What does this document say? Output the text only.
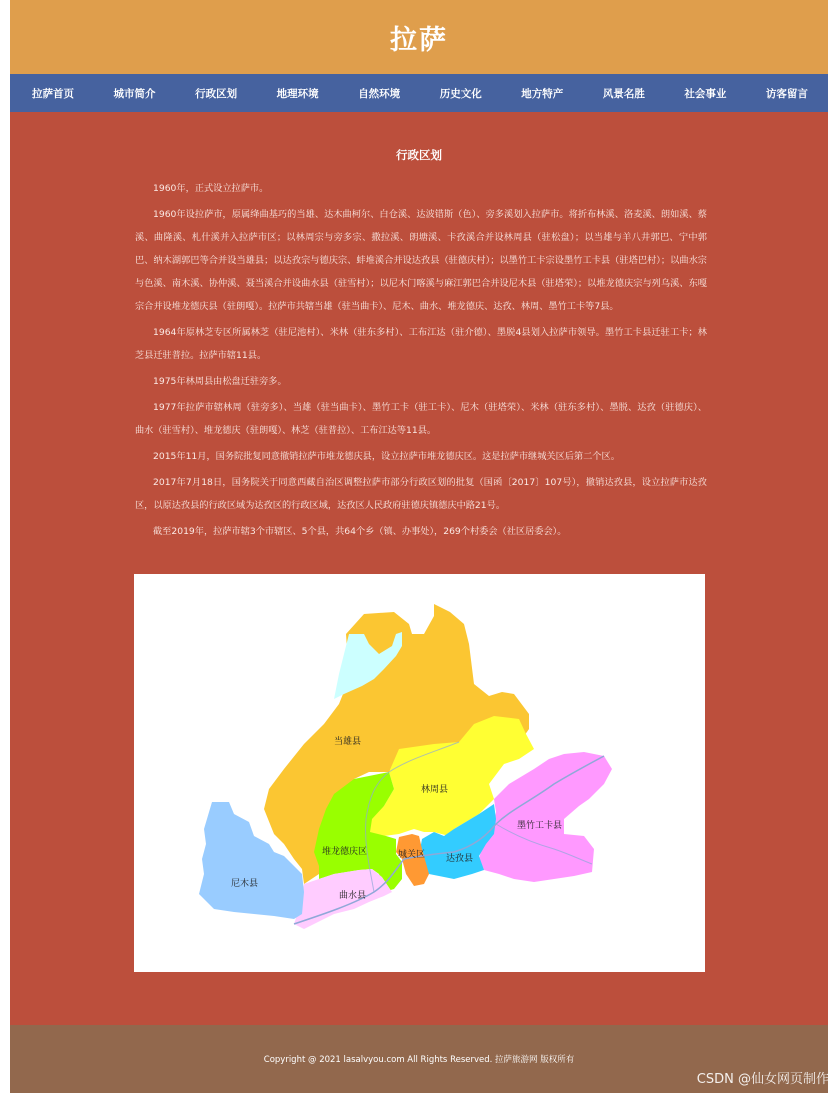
拉萨
拉萨首页	城市简介	行政区划	地理环境	自然环境	历史文化	地方特产	风景名胜	社会事业	访客留言
行政区划

1960年，正式设立拉萨市。

1960年设拉萨市，原属绛曲基巧的当雄、达木曲柯尔、白仓溪、达波错斯（色）、旁多溪划入拉萨市。将折布林溪、洛麦溪、朗如溪、蔡溪、曲隆溪、札什溪并入拉萨市区；以林周宗与旁多宗、撒拉溪、朗塘溪、卡孜溪合并设林周县（驻松盘）；以当雄与羊八井郭巴、宁中郭巴、纳木湖郭巴等合并设当雄县；以达孜宗与德庆宗、蚌堆溪合并设达孜县（驻德庆村）；以墨竹工卡宗设墨竹工卡县（驻塔巴村）；以曲水宗与色溪、南木溪、协仲溪、聂当溪合并设曲水县（驻雪村）；以尼木门喀溪与麻江郭巴合并设尼木县（驻塔荣）；以堆龙德庆宗与列乌溪、东嘎宗合并设堆龙德庆县（驻朗嘎）。拉萨市共辖当雄（驻当曲卡）、尼木、曲水、堆龙德庆、达孜、林周、墨竹工卡等7县。

1964年原林芝专区所属林芝（驻尼池村）、米林（驻东多村）、工布江达（驻介德）、墨脱4县划入拉萨市领导。墨竹工卡县迁驻工卡；林芝县迁驻普拉。拉萨市辖11县。

1975年林周县由松盘迁驻旁多。

1977年拉萨市辖林周（驻旁多）、当雄（驻当曲卡）、墨竹工卡（驻工卡）、尼木（驻塔荣）、米林（驻东多村）、墨脱、达孜（驻德庆）、曲水（驻雪村）、堆龙德庆（驻朗嘎）、林芝（驻普拉）、工布江达等11县。

2015年11月，国务院批复同意撤销拉萨市堆龙德庆县，设立拉萨市堆龙德庆区。这是拉萨市继城关区后第二个区。

2017年7月18日，国务院关于同意西藏自治区调整拉萨市部分行政区划的批复（国函〔2017〕107号），撤销达孜县，设立拉萨市达孜区，以原达孜县的行政区域为达孜区的行政区域，达孜区人民政府驻德庆镇德庆中路21号。

截至2019年，拉萨市辖3个市辖区、5个县，共64个乡（镇、办事处），269个村委会（社区居委会）。

当雄县
林周县
墨竹工卡县
达孜县
城关区
堆龙德庆区
曲水县
尼木县
Copyright @ 2021 lasalvyou.com All Rights Reserved. 拉萨旅游网 版权所有
CSDN @仙女网页制作
